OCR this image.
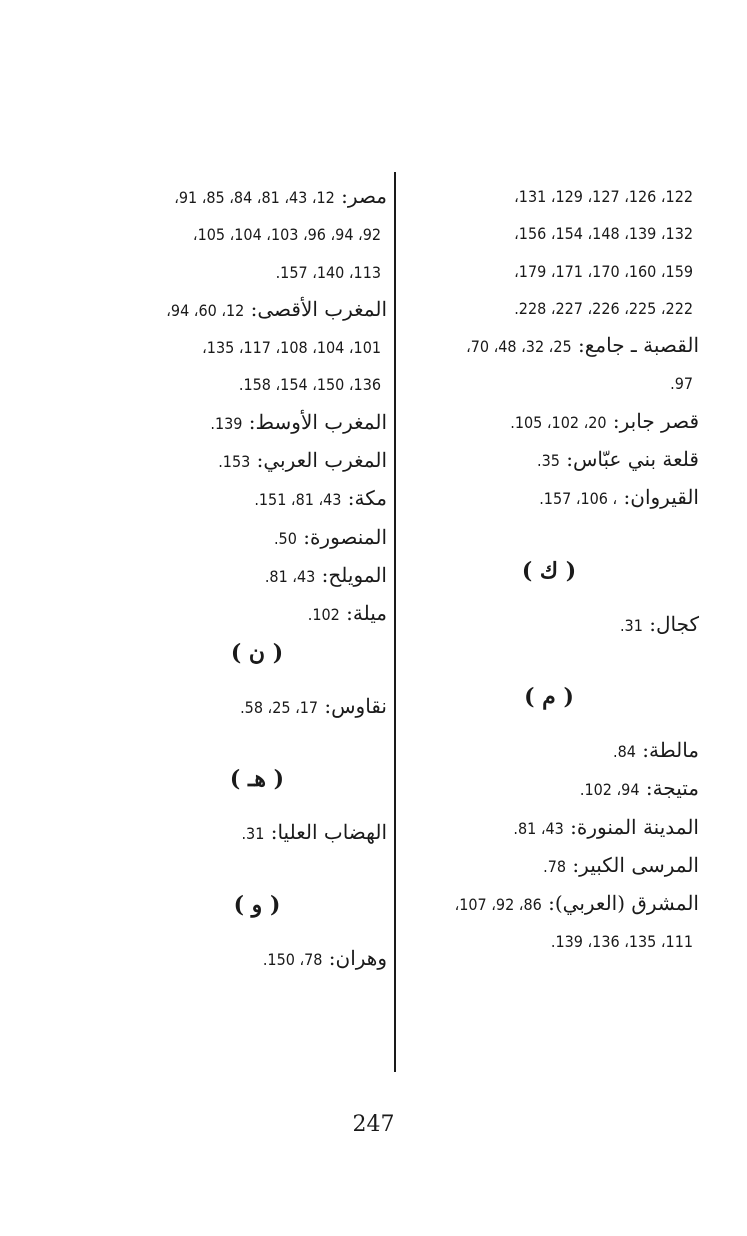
122، 126، 127، 129، 131،
132، 139، 148، 154، 156،
159، 160، 170، 171، 179،
222، 225، 226، 227، 228.
القصبة ـ جامع: 25، 32، 48، 70،
97.
قصر جابر: 20، 102، 105.
قلعة بني عبّاس: 35.
القيروان: ، 106، 157.
( ك )
كجال: 31.
( م )
مالطة: 84.
متيجة: 94، 102.
المدينة المنورة: 43، 81.
المرسى الكبير: 78.
المشرق (العربي): 86، 92، 107،
111، 135، 136، 139.
مصر: 12، 43، 81، 84، 85، 91،
92، 94، 96، 103، 104، 105،
113، 140، 157.
المغرب الأقصى: 12، 60، 94،
101، 104، 108، 117، 135،
136، 150، 154، 158.
المغرب الأوسط: 139.
المغرب العربي: 153.
مكة: 43، 81، 151.
المنصورة: 50.
المويلح: 43، 81.
ميلة: 102.
( ن )
نقاوس: 17، 25، 58.
( هـ )
الهضاب العليا: 31.
( و )
وهران: 78، 150.
247
